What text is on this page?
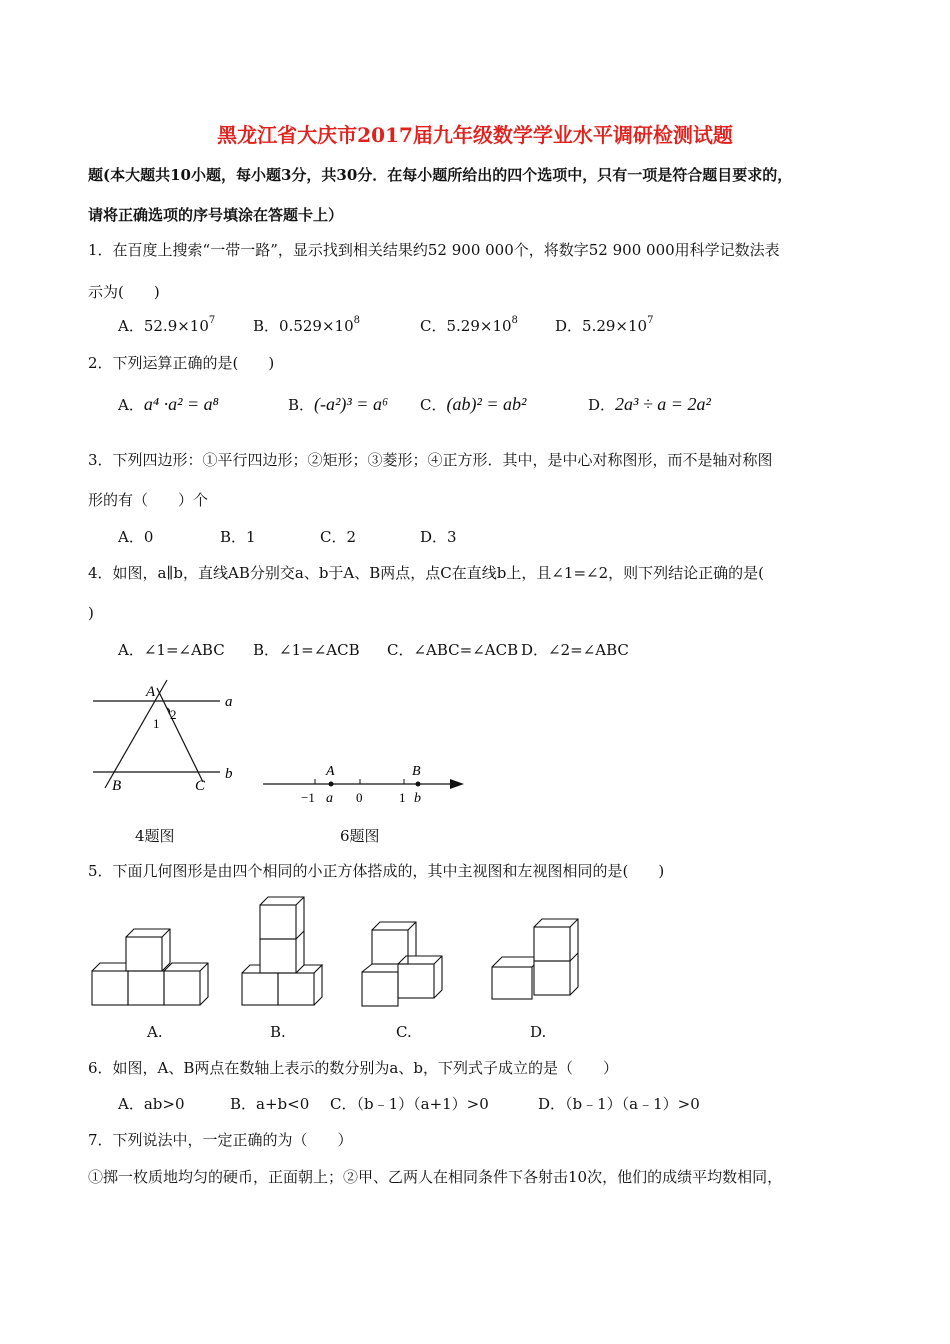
黑龙江省大庆市2017届九年级数学学业水平调研检测试题
题(本大题共10小题，每小题3分，共30分．在每小题所给出的四个选项中，只有一项是符合题目要求的，
请将正确选项的序号填涂在答题卡上）
1．在百度上搜索“一带一路”，显示找到相关结果约52 900 000个，将数字52 900 000用科学记数法表
示为(　　)
A．$52.9\times 10^7$	B．$0.529\times 10^8$	C．$5.29\times 10^8$ D．$5.29\times 10^7$
2．下列运算正确的是(　　)
A．a⁴ ·a² = a⁸	B．(-a²)³ = a⁶ C．(ab)² = ab²	D．2a³ ÷ a = 2a²
3．下列四边形：①平行四边形；②矩形；③菱形；④正方形．其中，是中心对称图形，而不是轴对称图
形的有（　　）个
A．0	B．1	C．2	D．3
4．如图，a∥b，直线AB分别交a、b于A、B两点，点C在直线b上，且∠1=∠2，则下列结论正确的是(
)
A．∠1=∠ABC B．∠1=∠ACB C．∠ABC=∠ACB D．∠2=∠ABC
A
a
1
2
B	C
b	A	B
−1 a 0	1 b
4题图	6题图
5．下面几何图形是由四个相同的小正方体搭成的，其中主视图和左视图相同的是(　　)
A.	B.	C.	D.
6．如图，A、B两点在数轴上表示的数分别为a、b，下列式子成立的是（　　）
A．ab>0	B．a+b<0 C．（b﹣1）（a+1）>0	D．（b﹣1）（a﹣1）>0
7．下列说法中，一定正确的为（　　）
①掷一枚质地均匀的硬币，正面朝上；②甲、乙两人在相同条件下各射击10次，他们的成绩平均数相同，
